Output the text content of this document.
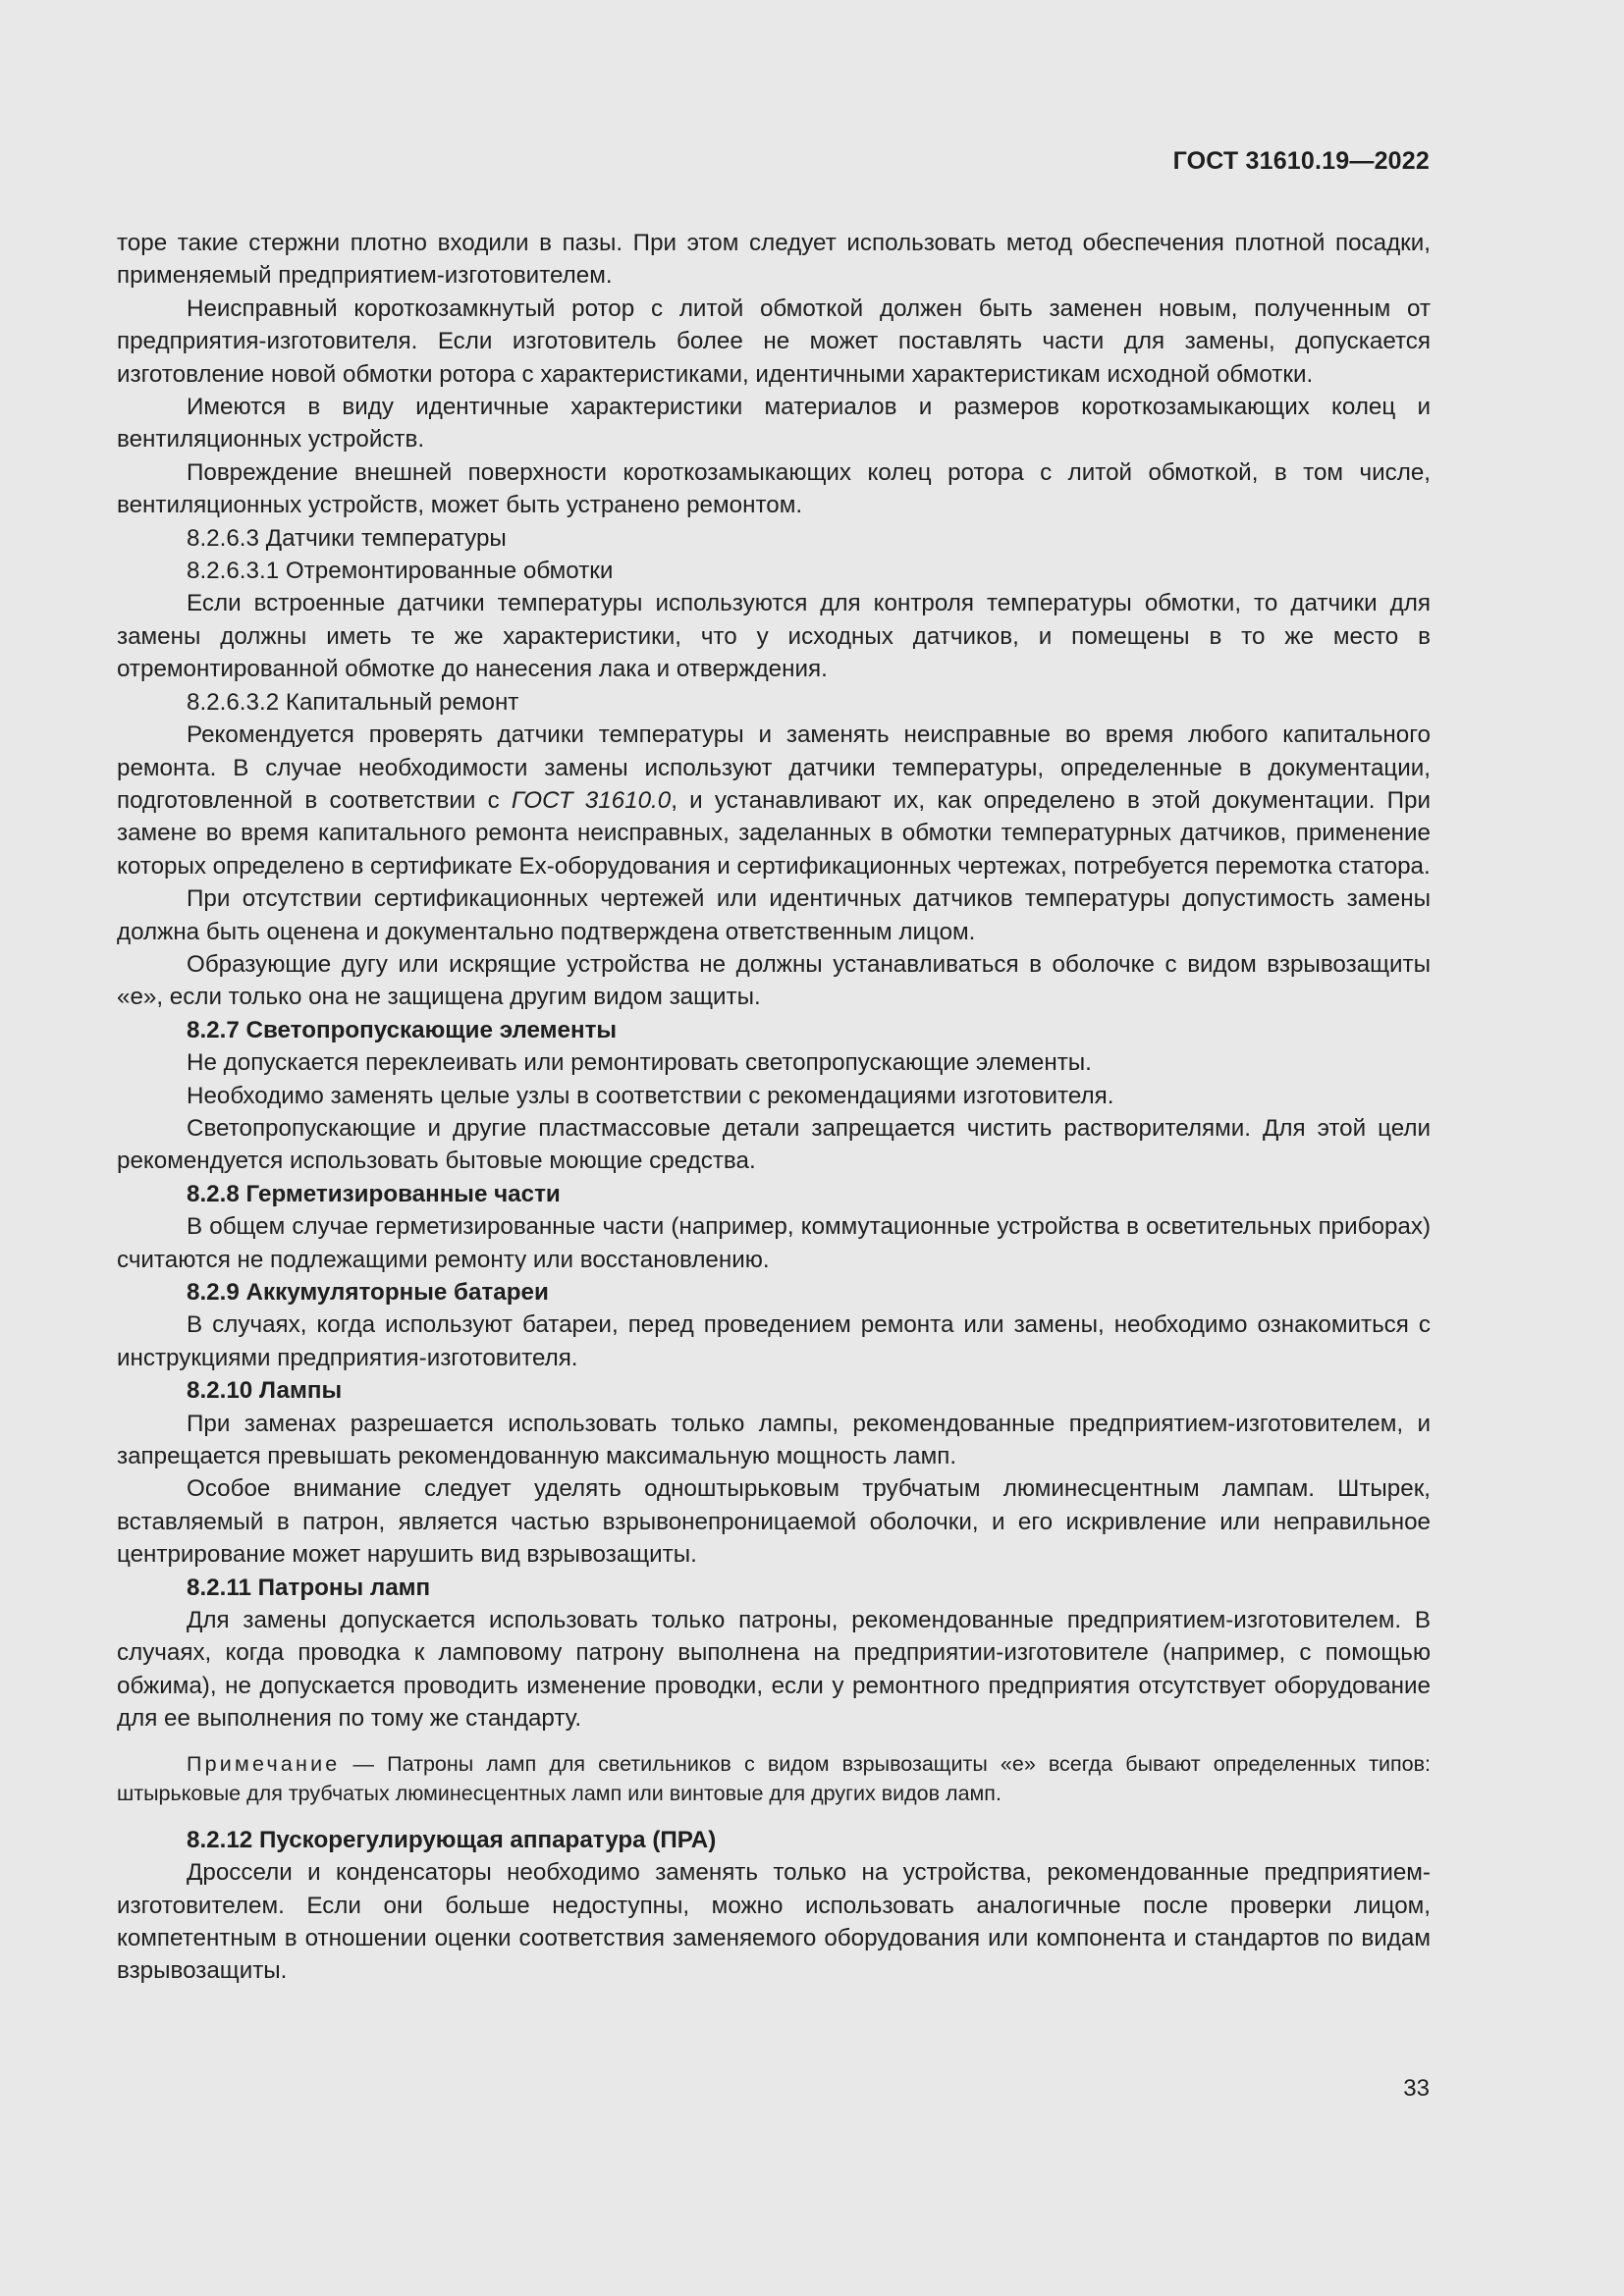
ГОСТ 31610.19—2022

торе такие стержни плотно входили в пазы. При этом следует использовать метод обеспечения плотной посадки, применяемый предприятием-изготовителем.

Неисправный короткозамкнутый ротор с литой обмоткой должен быть заменен новым, полученным от предприятия-изготовителя. Если изготовитель более не может поставлять части для замены, допускается изготовление новой обмотки ротора с характеристиками, идентичными характеристикам исходной обмотки.

Имеются в виду идентичные характеристики материалов и размеров короткозамыкающих колец и вентиляционных устройств.

Повреждение внешней поверхности короткозамыкающих колец ротора с литой обмоткой, в том числе, вентиляционных устройств, может быть устранено ремонтом.

8.2.6.3 Датчики температуры

8.2.6.3.1 Отремонтированные обмотки

Если встроенные датчики температуры используются для контроля температуры обмотки, то датчики для замены должны иметь те же характеристики, что у исходных датчиков, и помещены в то же место в отремонтированной обмотке до нанесения лака и отверждения.

8.2.6.3.2 Капитальный ремонт

Рекомендуется проверять датчики температуры и заменять неисправные во время любого капитального ремонта. В случае необходимости замены используют датчики температуры, определенные в документации, подготовленной в соответствии с ГОСТ 31610.0, и устанавливают их, как определено в этой документации. При замене во время капитального ремонта неисправных, заделанных в обмотки температурных датчиков, применение которых определено в сертификате Ех-оборудования и сертификационных чертежах, потребуется перемотка статора.

При отсутствии сертификационных чертежей или идентичных датчиков температуры допустимость замены должна быть оценена и документально подтверждена ответственным лицом.

Образующие дугу или искрящие устройства не должны устанавливаться в оболочке с видом взрывозащиты «е», если только она не защищена другим видом защиты.

8.2.7 Светопропускающие элементы

Не допускается переклеивать или ремонтировать светопропускающие элементы.

Необходимо заменять целые узлы в соответствии с рекомендациями изготовителя.

Светопропускающие и другие пластмассовые детали запрещается чистить растворителями. Для этой цели рекомендуется использовать бытовые моющие средства.

8.2.8 Герметизированные части

В общем случае герметизированные части (например, коммутационные устройства в осветительных приборах) считаются не подлежащими ремонту или восстановлению.

8.2.9 Аккумуляторные батареи

В случаях, когда используют батареи, перед проведением ремонта или замены, необходимо ознакомиться с инструкциями предприятия-изготовителя.

8.2.10 Лампы

При заменах разрешается использовать только лампы, рекомендованные предприятием-изготовителем, и запрещается превышать рекомендованную максимальную мощность ламп.

Особое внимание следует уделять одноштырьковым трубчатым люминесцентным лампам. Штырек, вставляемый в патрон, является частью взрывонепроницаемой оболочки, и его искривление или неправильное центрирование может нарушить вид взрывозащиты.

8.2.11 Патроны ламп

Для замены допускается использовать только патроны, рекомендованные предприятием-изготовителем. В случаях, когда проводка к ламповому патрону выполнена на предприятии-изготовителе (например, с помощью обжима), не допускается проводить изменение проводки, если у ремонтного предприятия отсутствует оборудование для ее выполнения по тому же стандарту.

Примечание — Патроны ламп для светильников с видом взрывозащиты «е» всегда бывают определенных типов: штырьковые для трубчатых люминесцентных ламп или винтовые для других видов ламп.

8.2.12 Пускорегулирующая аппаратура (ПРА)

Дроссели и конденсаторы необходимо заменять только на устройства, рекомендованные предприятием-изготовителем. Если они больше недоступны, можно использовать аналогичные после проверки лицом, компетентным в отношении оценки соответствия заменяемого оборудования или компонента и стандартов по видам взрывозащиты.

33
